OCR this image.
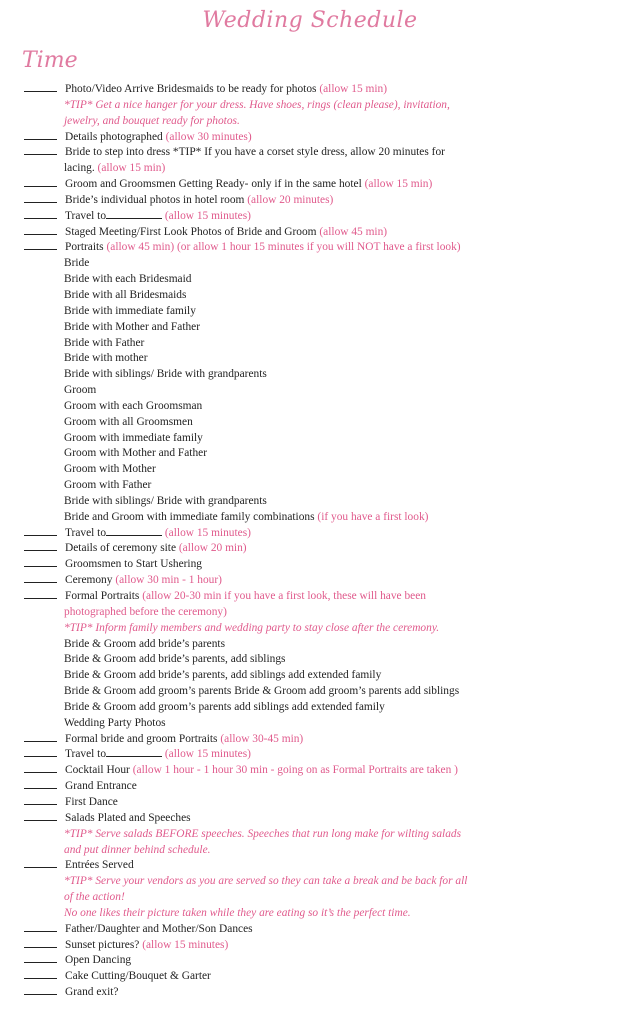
Wedding Schedule
Time
Photo/Video Arrive Bridesmaids to be ready for photos (allow 15 min)
*TIP* Get a nice hanger for your dress. Have shoes, rings (clean please), invitation,
jewelry, and bouquet ready for photos.
Details photographed (allow 30 minutes)
Bride to step into dress *TIP* If you have a corset style dress, allow 20 minutes for
lacing. (allow 15 min)
Groom and Groomsmen Getting Ready- only if in the same hotel (allow 15 min)
Bride’s individual photos in hotel room (allow 20 minutes)
Travel to	(allow 15 minutes)
Staged Meeting/First Look Photos of Bride and Groom (allow 45 min)
Portraits (allow 45 min) (or allow 1 hour 15 minutes if you will NOT have a first look)
Bride
Bride with each Bridesmaid
Bride with all Bridesmaids
Bride with immediate family
Bride with Mother and Father
Bride with Father
Bride with mother
Bride with siblings/ Bride with grandparents
Groom
Groom with each Groomsman
Groom with all Groomsmen
Groom with immediate family
Groom with Mother and Father
Groom with Mother
Groom with Father
Bride with siblings/ Bride with grandparents
Bride and Groom with immediate family combinations (if you have a first look)
Travel to	(allow 15 minutes)
Details of ceremony site (allow 20 min)
Groomsmen to Start Ushering
Ceremony (allow 30 min - 1 hour)
Formal Portraits (allow 20-30 min if you have a first look, these will have been
photographed before the ceremony)
*TIP* Inform family members and wedding party to stay close after the ceremony.
Bride & Groom add bride’s parents
Bride & Groom add bride’s parents, add siblings
Bride & Groom add bride’s parents, add siblings add extended family
Bride & Groom add groom’s parents Bride & Groom add groom’s parents add siblings
Bride & Groom add groom’s parents add siblings add extended family
Wedding Party Photos
Formal bride and groom Portraits (allow 30-45 min)
Travel to	(allow 15 minutes)
Cocktail Hour (allow 1 hour - 1 hour 30 min - going on as Formal Portraits are taken )
Grand Entrance
First Dance
Salads Plated and Speeches
*TIP* Serve salads BEFORE speeches. Speeches that run long make for wilting salads
and put dinner behind schedule.
Entrées Served
*TIP* Serve your vendors as you are served so they can take a break and be back for all
of the action!
No one likes their picture taken while they are eating so it’s the perfect time.
Father/Daughter and Mother/Son Dances
Sunset pictures? (allow 15 minutes)
Open Dancing
Cake Cutting/Bouquet & Garter
Grand exit?
